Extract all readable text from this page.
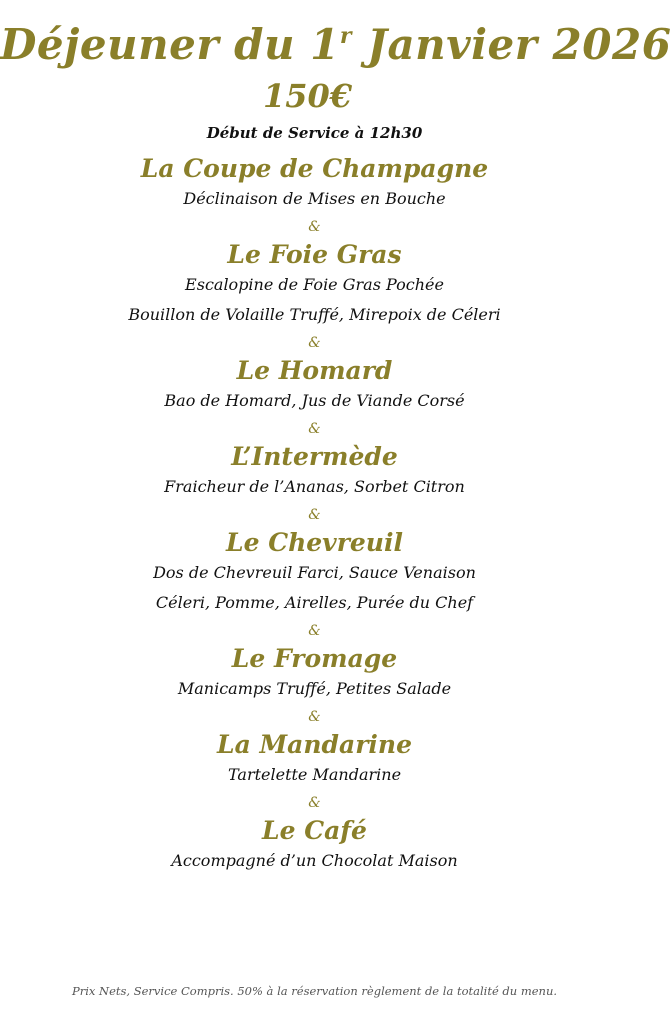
Déjeuner du 1$^r$ Janvier 2026
150€
Début de Service à 12h30
La Coupe de Champagne
Déclinaison de Mises en Bouche
&
Le Foie Gras
Escalopine de Foie Gras Pochée
Bouillon de Volaille Truffé, Mirepoix de Céleri
&
Le Homard
Bao de Homard, Jus de Viande Corsé
&
L’Intermède
Fraicheur de l’Ananas, Sorbet Citron
&
Le Chevreuil
Dos de Chevreuil Farci, Sauce Venaison
Céleri, Pomme, Airelles, Purée du Chef
&
Le Fromage
Manicamps Truffé, Petites Salade
&
La Mandarine
Tartelette Mandarine
&
Le Café
Accompagné d’un Chocolat Maison
Prix Nets, Service Compris. 50% à la réservation règlement de la totalité du menu.
